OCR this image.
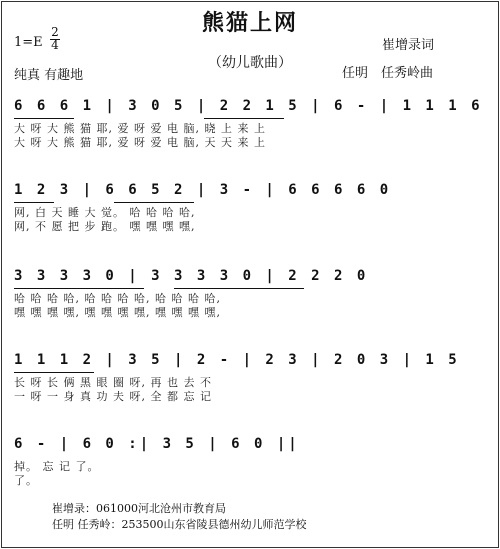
熊猫上网
1=E
2
4
（幼儿歌曲）
崔增录词
任明　任秀岭曲
纯真 有趣地
6 6 6 1 | 3 0 5 | 2 2 1 5 | 6 - | 1 1 1 6
大 呀 大 熊 猫 耶, 爱 呀 爱 电 脑, 晓 上 来 上
大 呀 大 熊 猫 耶, 爱 呀 爱 电 脑, 天 天 来 上
1 2 3 | 6 6 5 2 | 3 - | 6 6 6 6 0
网, 白 天 睡 大 觉。 哈 哈 哈 哈,
网, 不 愿 把 步 跑。 嘿 嘿 嘿 嘿,
3 3 3 3 0 | 3 3 3 3 0 | 2 2 2 0
哈 哈 哈 哈, 哈 哈 哈 哈, 哈 哈 哈 哈,
嘿 嘿 嘿 嘿, 嘿 嘿 嘿 嘿, 嘿 嘿 嘿 嘿,
1 1 1 2 | 3 5 | 2 - | 2 3 | 2 0 3 | 1 5
长 呀 长 俩 黑 眼 圈 呀, 再 也 去 不
一 呀 一 身 真 功 夫 呀, 全 都 忘 记
6 - | 6 0 :| 3 5 | 6 0 ||
掉。 忘 记 了。
了。
崔增录：061000河北沧州市教育局
任明 任秀岭：253500山东省陵县德州幼儿师范学校
